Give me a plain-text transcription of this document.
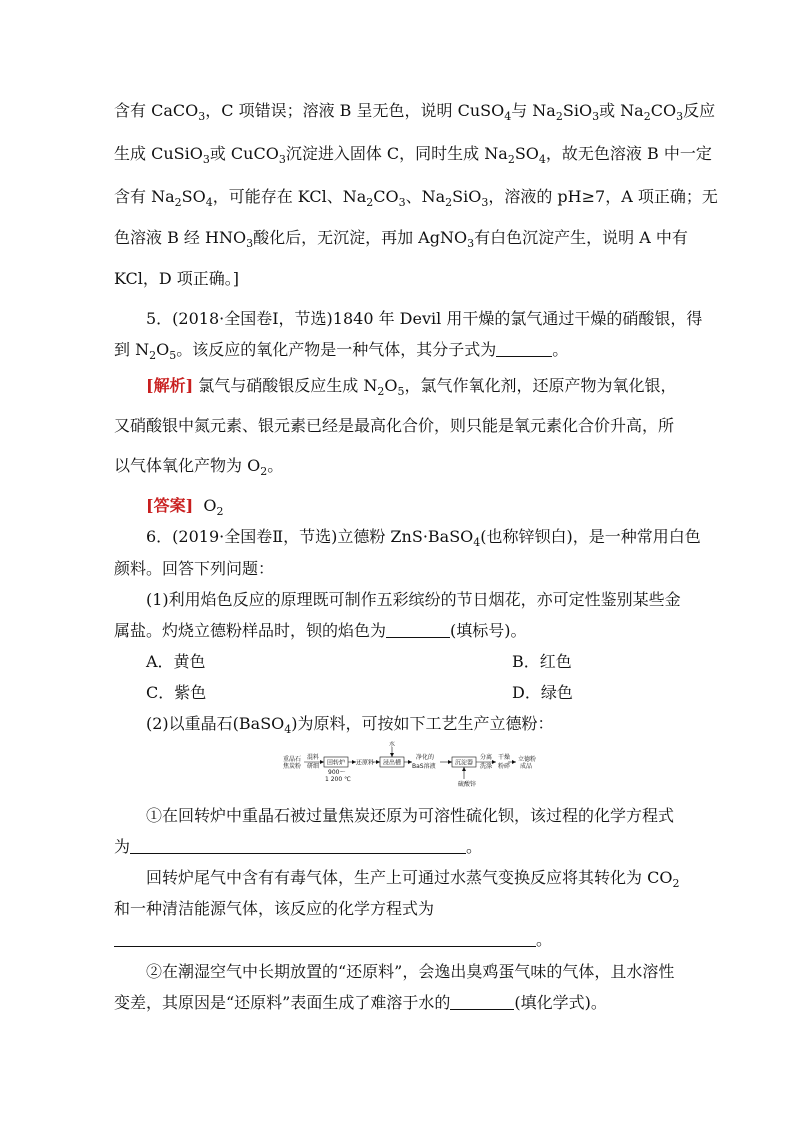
含有 CaCO$_3$，C 项错误；溶液 B 呈无色，说明 CuSO$_4$与 $Na_2SiO_3$或 $Na_2CO_3$反应
生成 CuSiO$_3$或 CuCO$_3$沉淀进入固体 C，同时生成 $Na_2SO_4$，故无色溶液 B 中一定
含有 $Na_2SO_4$，可能存在 KCl、$Na_2CO_3$、$Na_2SiO_3$，溶液的 pH≥7，A 项正确；无
色溶液 B 经 $HNO_3$酸化后，无沉淀，再加 AgNO$_3$有白色沉淀产生，说明 A 中有
KCl，D 项正确。]
5．(2018·全国卷Ⅰ，节选)1840 年 Devil 用干燥的氯气通过干燥的硝酸银，得
到 $N_2O_5$。该反应的氧化产物是一种气体，其分子式为	。
[解析] 氯气与硝酸银反应生成 $N_2O_5$，氯气作氧化剂，还原产物为氧化银，
又硝酸银中氮元素、银元素已经是最高化合价，则只能是氧元素化合价升高，所
以气体氧化产物为 $O_2$。
[答案] $O_2$
6．(2019·全国卷Ⅱ，节选)立德粉 ZnS·BaSO$_4$(也称锌钡白)，是一种常用白色
颜料。回答下列问题：
(1)利用焰色反应的原理既可制作五彩缤纷的节日烟花，亦可定性鉴别某些金
属盐。灼烧立德粉样品时，钡的焰色为	(填标号)。
A．黄色	B．红色
C．紫色	D．绿色
(2)以重晶石(BaSO$_4$)为原料，可按如下工艺生产立德粉：
重晶石
焦炭粉
混料
研细 回转炉
900～
1 200 ℃
还原料 浸出槽
水
净化的
BaS溶液	沉淀器
硫酸锌
分离
洗涤
干燥
粉碎
立德粉
成品
①在回转炉中重晶石被过量焦炭还原为可溶性硫化钡，该过程的化学方程式
为	。
回转炉尾气中含有有毒气体，生产上可通过水蒸气变换反应将其转化为 $CO_2$
和一种清洁能源气体，该反应的化学方程式为
。
②在潮湿空气中长期放置的“还原料”，会逸出臭鸡蛋气味的气体，且水溶性
变差，其原因是“还原料”表面生成了难溶于水的	(填化学式)。
